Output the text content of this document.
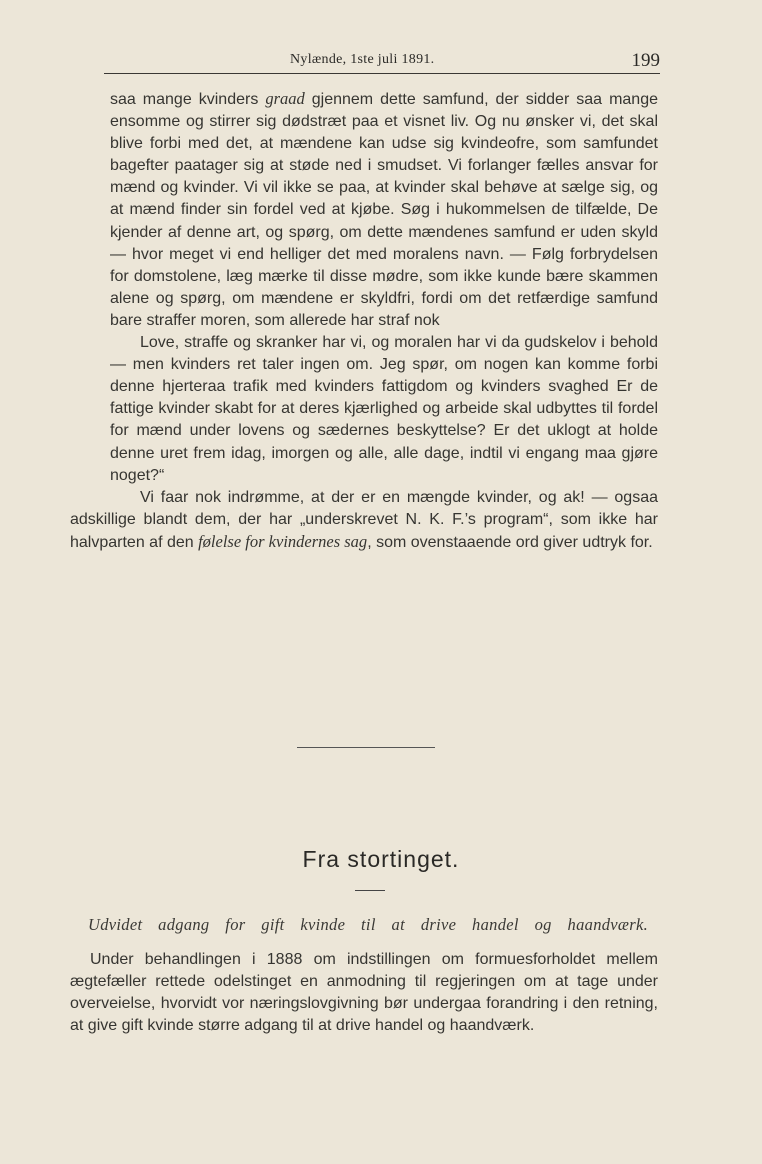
Nylænde, 1ste juli 1891.	199

saa mange kvinders graad gjennem dette samfund, der sidder saa mange ensomme og stirrer sig dødstræt paa et visnet liv. Og nu ønsker vi, det skal blive forbi med det, at mændene kan udse sig kvindeofre, som samfundet bagefter paatager sig at støde ned i smudset. Vi forlanger fælles ansvar for mænd og kvinder. Vi vil ikke se paa, at kvinder skal behøve at sælge sig, og at mænd finder sin fordel ved at kjøbe. Søg i hukommelsen de tilfælde, De kjender af denne art, og spørg, om dette mændenes samfund er uden skyld — hvor meget vi end helliger det med moralens navn. — Følg forbrydelsen for domstolene, læg mærke til disse mødre, som ikke kunde bære skammen alene og spørg, om mændene er skyldfri, fordi om det retfærdige samfund bare straffer moren, som allerede har straf nok

Love, straffe og skranker har vi, og moralen har vi da gudskelov i behold — men kvinders ret taler ingen om. Jeg spør, om nogen kan komme forbi denne hjerteraa trafik med kvinders fattigdom og kvinders svaghed Er de fattige kvinder skabt for at deres kjærlighed og arbeide skal udbyttes til fordel for mænd under lovens og sædernes beskyttelse? Er det uklogt at holde denne uret frem idag, imorgen og alle, alle dage, indtil vi engang maa gjøre noget?“

Vi faar nok indrømme, at der er en mængde kvinder, og ak! — ogsaa adskillige blandt dem, der har „underskrevet N. K. F.’s program“, som ikke har halvparten af den følelse for kvindernes sag, som ovenstaaende ord giver udtryk for.

Fra stortinget.
Udvidet adgang for gift kvinde til at drive handel og haandværk.

Under behandlingen i 1888 om indstillingen om formuesforholdet mellem ægtefæller rettede odelstinget en anmodning til regjeringen om at tage under overveielse, hvorvidt vor næringslovgivning bør undergaa forandring i den retning, at give gift kvinde større adgang til at drive handel og haandværk.
